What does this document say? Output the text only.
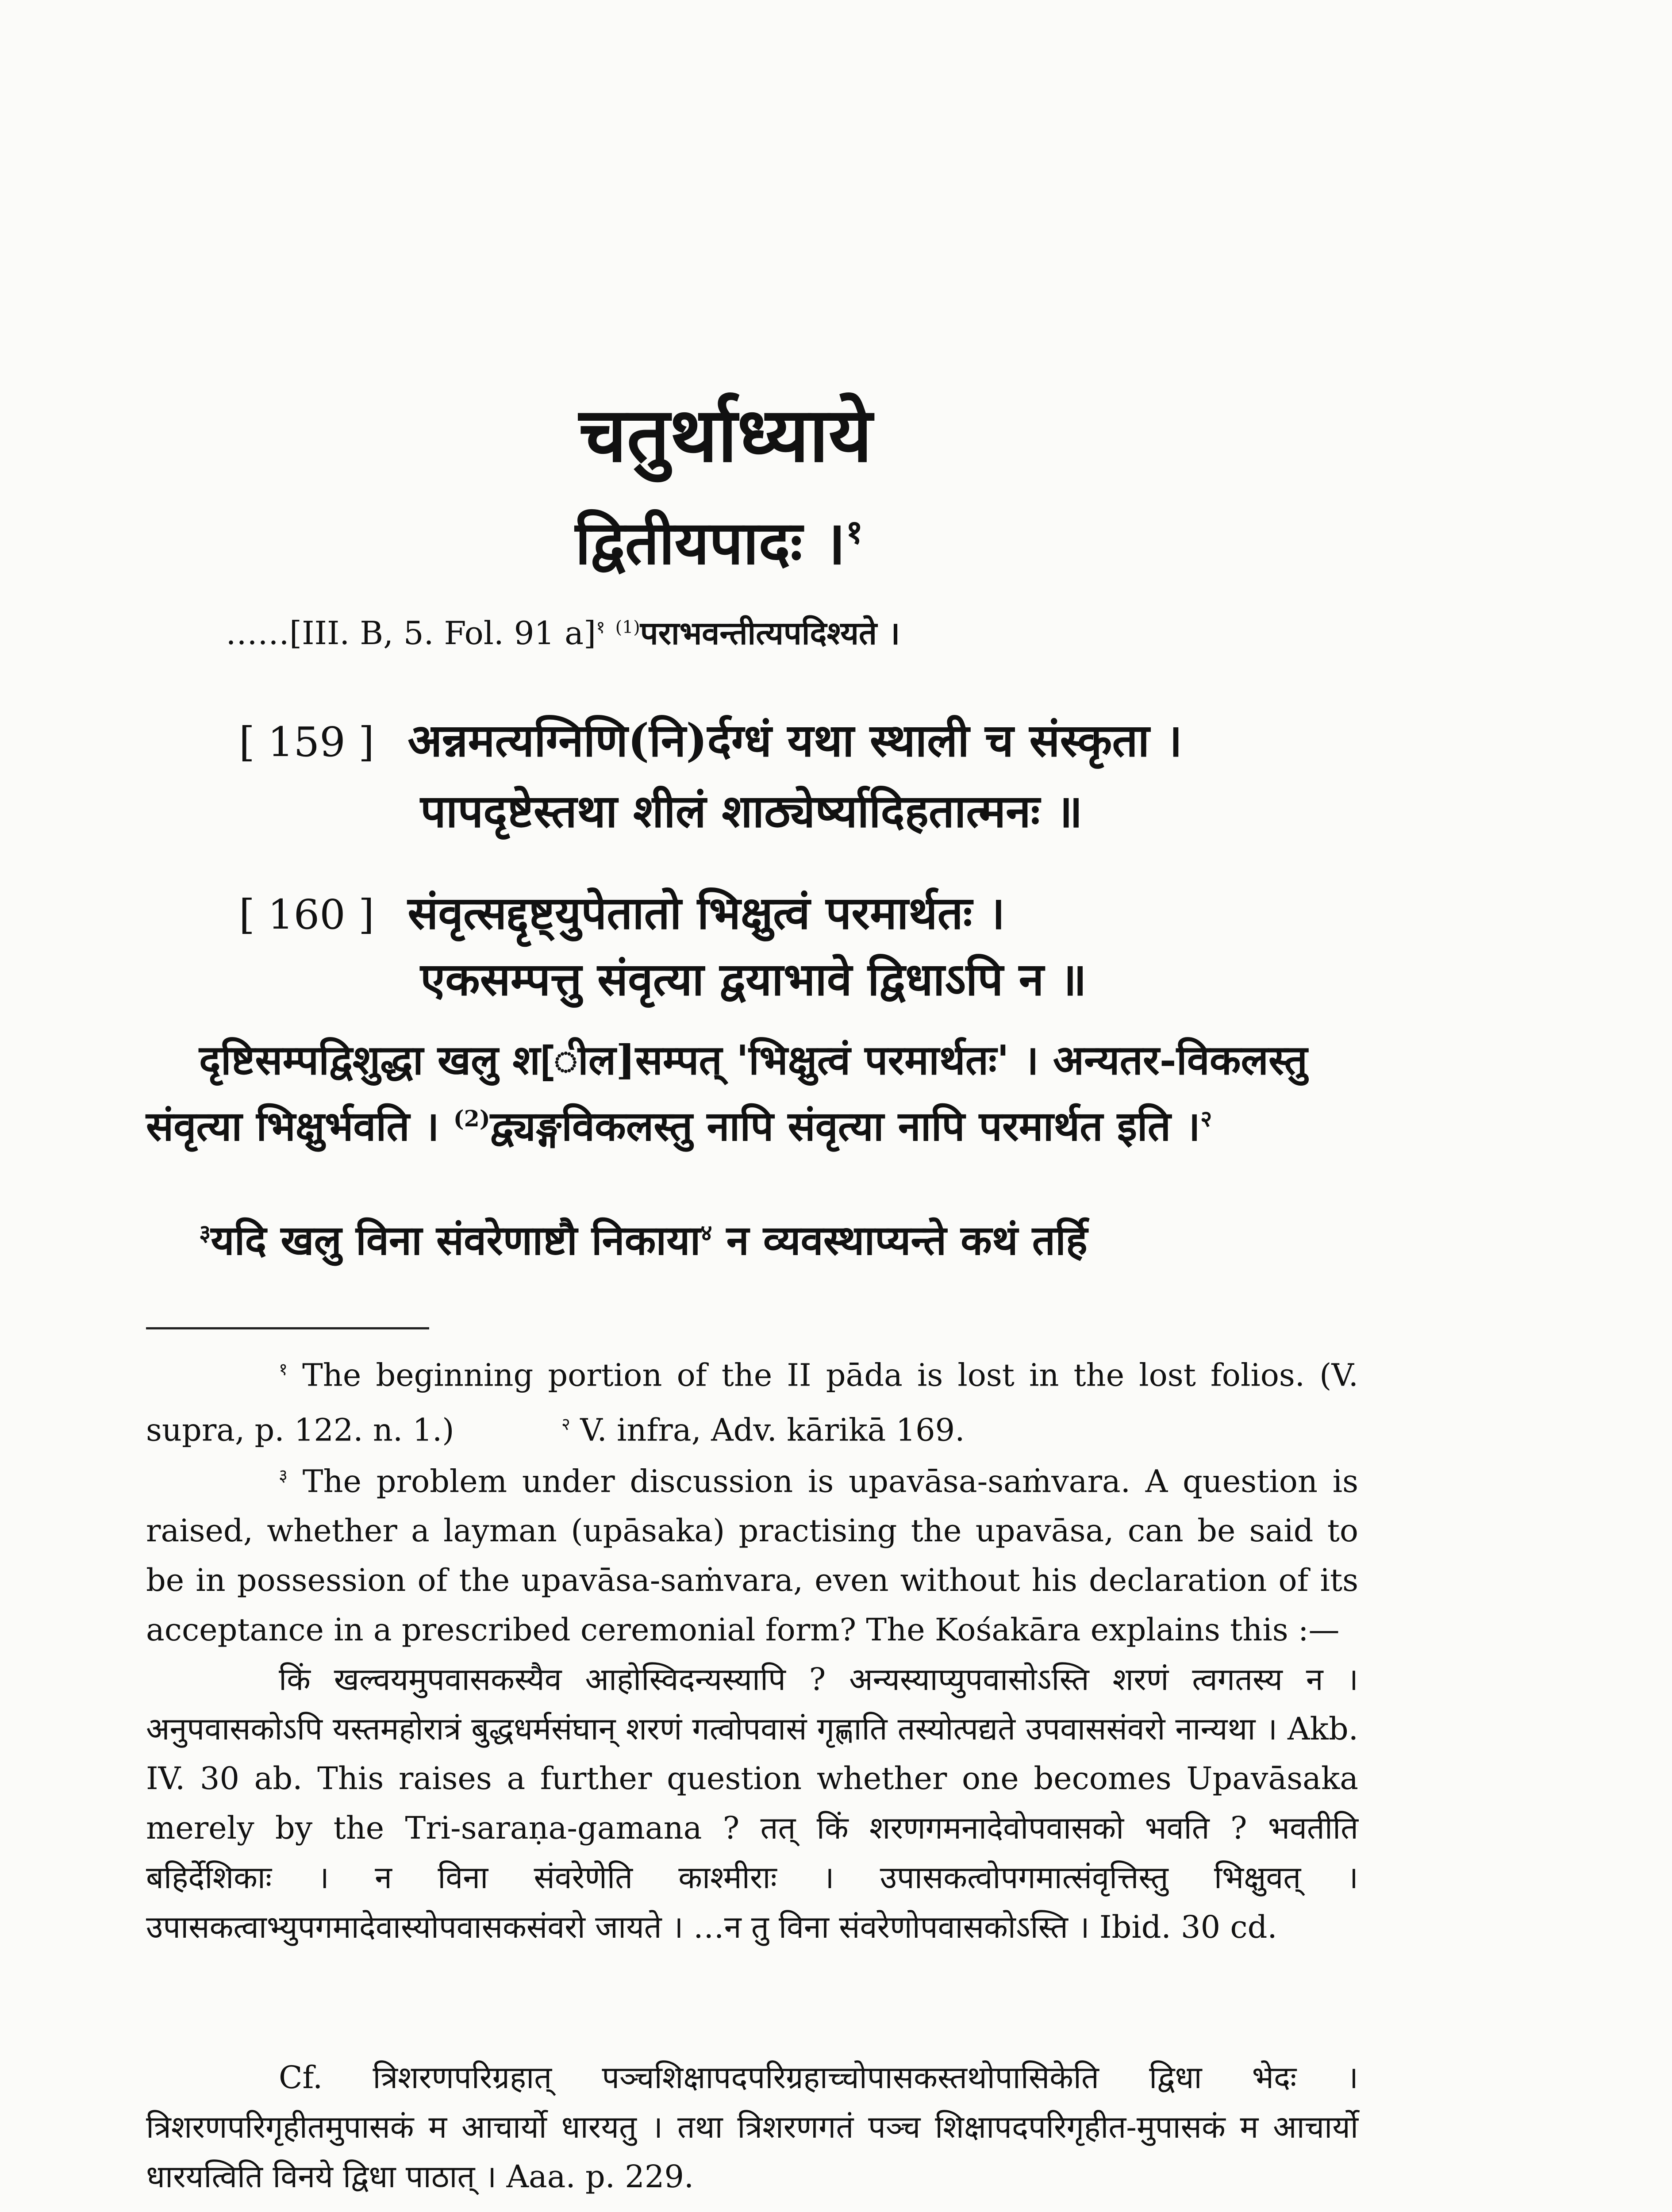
चतुर्थाध्याये
द्वितीयपादः ।$^१$
……[III. B, 5. Fol. 91 a]$^१$ $^{(1)}$पराभवन्तीत्यपदिश्यते ।
[ 159 ] अन्नमत्यग्निणि(नि)र्दग्धं यथा स्थाली च संस्कृता ।
पापदृष्टेस्तथा शीलं शाठ्येर्ष्यादिहतात्मनः ॥
[ 160 ] संवृत्सद्दृष्ट्युपेतातो भिक्षुत्वं परमार्थतः ।
एकसम्पत्तु संवृत्या द्वयाभावे द्विधाऽपि न ॥
दृष्टिसम्पद्विशुद्धा खलु श[ील]सम्पत् 'भिक्षुत्वं परमार्थतः' । अन्यतर-विकलस्तु संवृत्या भिक्षुर्भवति । $^{(2)}$द्व्यङ्गविकलस्तु नापि संवृत्या नापि परमार्थत इति ।$^२$
$^३$यदि खलु विना संवरेणाष्टौ निकाया$^४$ न व्यवस्थाप्यन्ते कथं तर्हि
$^१$ The beginning portion of the II pāda is lost in the lost folios. (V. supra, p. 122. n. 1.)	$^२$ V. infra, Adv. kārikā 169.
$^३$ The problem under discussion is upavāsa-saṁvara. A question is raised, whether a layman (upāsaka) practising the upavāsa, can be said to be in possession of the upavāsa-saṁvara, even without his declaration of its acceptance in a prescribed ceremonial form? The Kośakāra explains this :—
किं खल्वयमुपवासकस्यैव आहोस्विदन्यस्यापि ? अन्यस्याप्युपवासोऽस्ति शरणं त्वगतस्य न । अनुपवासकोऽपि यस्तमहोरात्रं बुद्धधर्मसंघान् शरणं गत्वोपवासं गृह्णाति तस्योत्पद्यते उपवाससंवरो नान्यथा । Akb. IV. 30 ab. This raises a further question whether one becomes Upavāsaka merely by the Tri-saraṇa-gamana ? तत् किं शरणगमनादेवोपवासको भवति ? भवतीति बहिर्देशिकाः । न विना संवरेणेति काश्मीराः । उपासकत्वोपगमात्संवृत्तिस्तु भिक्षुवत् । उपासकत्वाभ्युपगमादेवास्योपवासकसंवरो जायते । …न तु विना संवरेणोपवासकोऽस्ति । Ibid. 30 cd.
Cf. त्रिशरणपरिग्रहात् पञ्चशिक्षापदपरिग्रहाच्चोपासकस्तथोपासिकेति द्विधा भेदः । त्रिशरणपरिगृहीतमुपासकं म आचार्यो धारयतु । तथा त्रिशरणगतं पञ्च शिक्षापदपरिगृहीत-मुपासकं म आचार्यो धारयत्विति विनये द्विधा पाठात् । Aaa. p. 229.
